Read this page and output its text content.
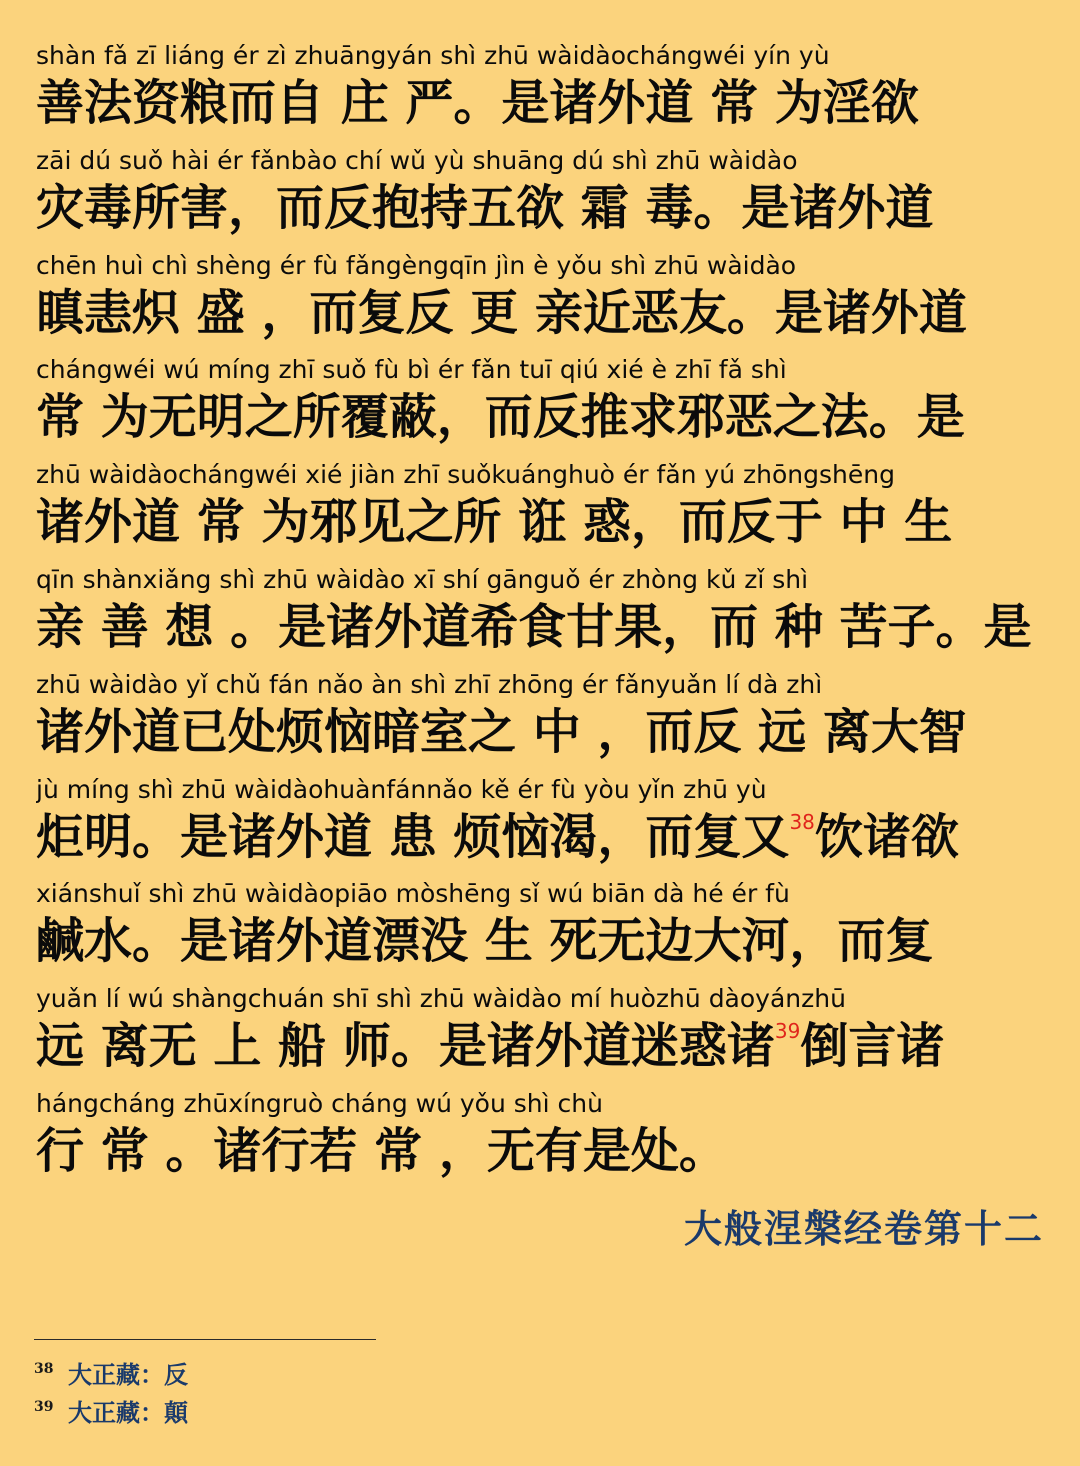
shàn fǎ zī liáng ér zì zhuāngyán shì zhū wàidàochángwéi yín yù
善法资粮而自 庄 严。是诸外道 常 为淫欲
zāi dú suǒ hài ér fǎnbào chí wǔ yù shuāng dú shì zhū wàidào
灾毒所害，而反抱持五欲 霜 毒。是诸外道
chēn huì chì shèng ér fù fǎngèngqīn jìn è yǒu shì zhū wàidào
瞋恚炽 盛 ，而复反 更 亲近恶友。是诸外道
chángwéi wú míng zhī suǒ fù bì ér fǎn tuī qiú xié è zhī fǎ shì
常 为无明之所覆蔽，而反推求邪恶之法。是
zhū wàidàochángwéi xié jiàn zhī suǒkuánghuò ér fǎn yú zhōngshēng
诸外道 常 为邪见之所 诳 惑，而反于 中 生
qīn shànxiǎng shì zhū wàidào xī shí gānguǒ ér zhòng kǔ zǐ shì
亲 善 想 。是诸外道希食甘果，而 种 苦子。是
zhū wàidào yǐ chǔ fán nǎo àn shì zhī zhōng ér fǎnyuǎn lí dà zhì
诸外道已处烦恼暗室之 中 ，而反 远 离大智
jù míng shì zhū wàidàohuànfánnǎo kě ér fù yòu yǐn zhū yù
炬明。是诸外道 患 烦恼渴，而复又$^{38}$饮诸欲
xiánshuǐ shì zhū wàidàopiāo mòshēng sǐ wú biān dà hé ér fù
鹹水。是诸外道漂没 生 死无边大河，而复
yuǎn lí wú shàngchuán shī shì zhū wàidào mí huòzhū dàoyánzhū
远 离无 上 船 师。是诸外道迷惑诸$^{39}$倒言诸
hángcháng zhūxíngruò cháng wú yǒu shì chù
行 常 。诸行若 常 ，无有是处。
大般涅槃经卷第十二
38 大正藏：反
39 大正藏：顛
